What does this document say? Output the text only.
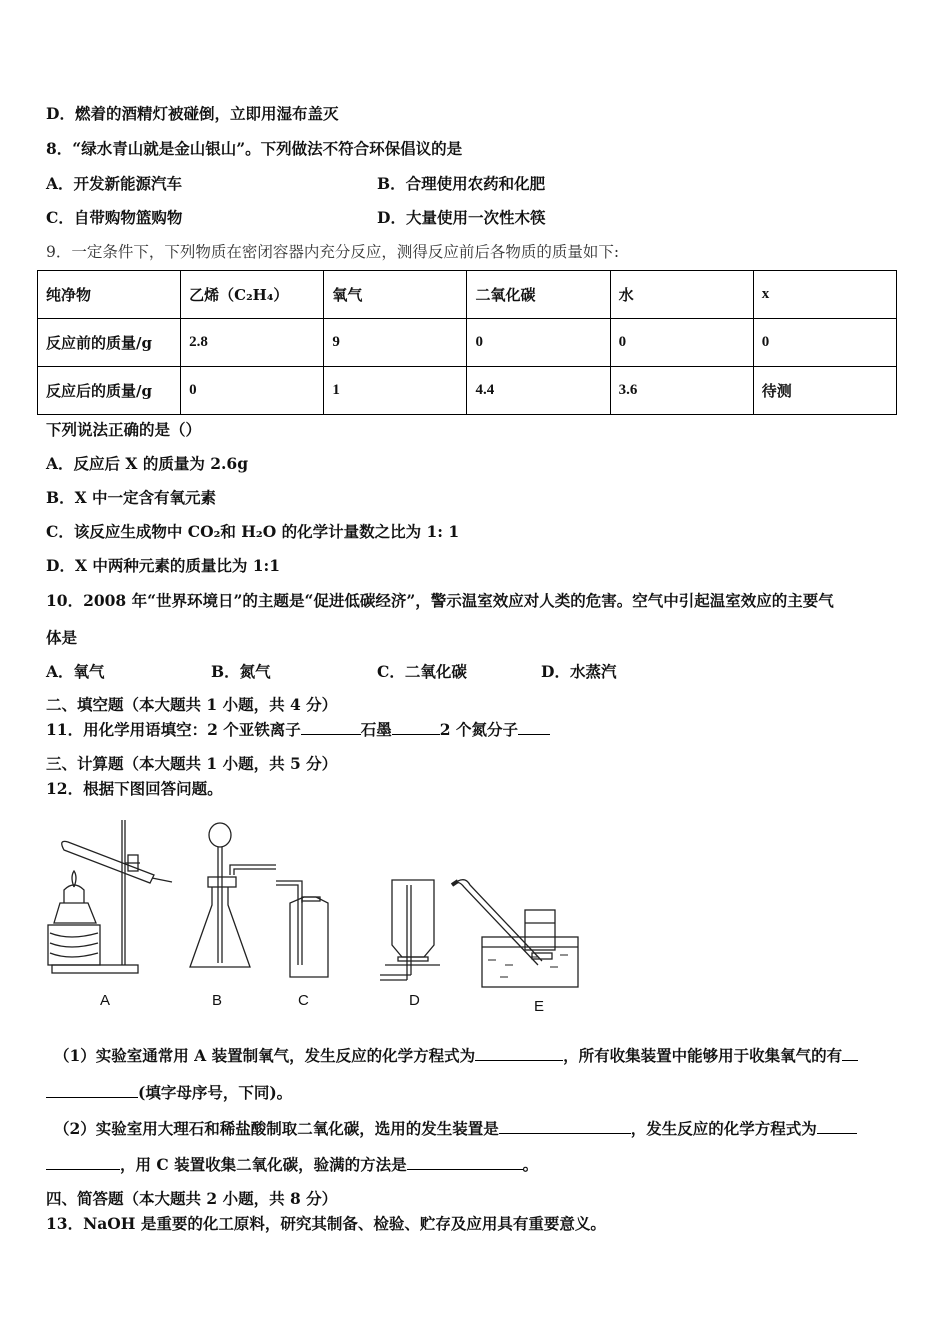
D．燃着的酒精灯被碰倒，立即用湿布盖灭
8．“绿水青山就是金山银山”。下列做法不符合环保倡议的是
A．开发新能源汽车	B．合理使用农药和化肥
C．自带购物篮购物	D．大量使用一次性木筷
9．一定条件下，下列物质在密闭容器内充分反应，测得反应前后各物质的质量如下:
纯净物	乙烯（C₂H₄）	氧气	二氧化碳	水	x
反应前的质量/g	2.8	9	0	0	0
反应后的质量/g	0	1	4.4	3.6	待测
下列说法正确的是（）
A．反应后 X 的质量为 2.6g
B．X 中一定含有氧元素
C．该反应生成物中 CO₂和 H₂O 的化学计量数之比为 1: 1
D．X 中两种元素的质量比为 1:1
10．2008 年“世界环境日”的主题是“促进低碳经济”，警示温室效应对人类的危害。空气中引起温室效应的主要气
体是
A．氧气	B．氮气	C．二氧化碳	D．水蒸汽
二、填空题（本大题共 1 小题，共 4 分）
11．用化学用语填空：2 个亚铁离子	石墨	2 个氮分子
三、计算题（本大题共 1 小题，共 5 分）
12．根据下图回答问题。
A	B	C	D	E
（1）实验室通常用 A 装置制氧气，发生反应的化学方程式为	，所有收集装置中能够用于收集氧气的有
(填字母序号，下同)。
（2）实验室用大理石和稀盐酸制取二氧化碳，选用的发生装置是	，发生反应的化学方程式为
，用 C 装置收集二氧化碳，验满的方法是	。
四、简答题（本大题共 2 小题，共 8 分）
13．NaOH 是重要的化工原料，研究其制备、检验、贮存及应用具有重要意义。
